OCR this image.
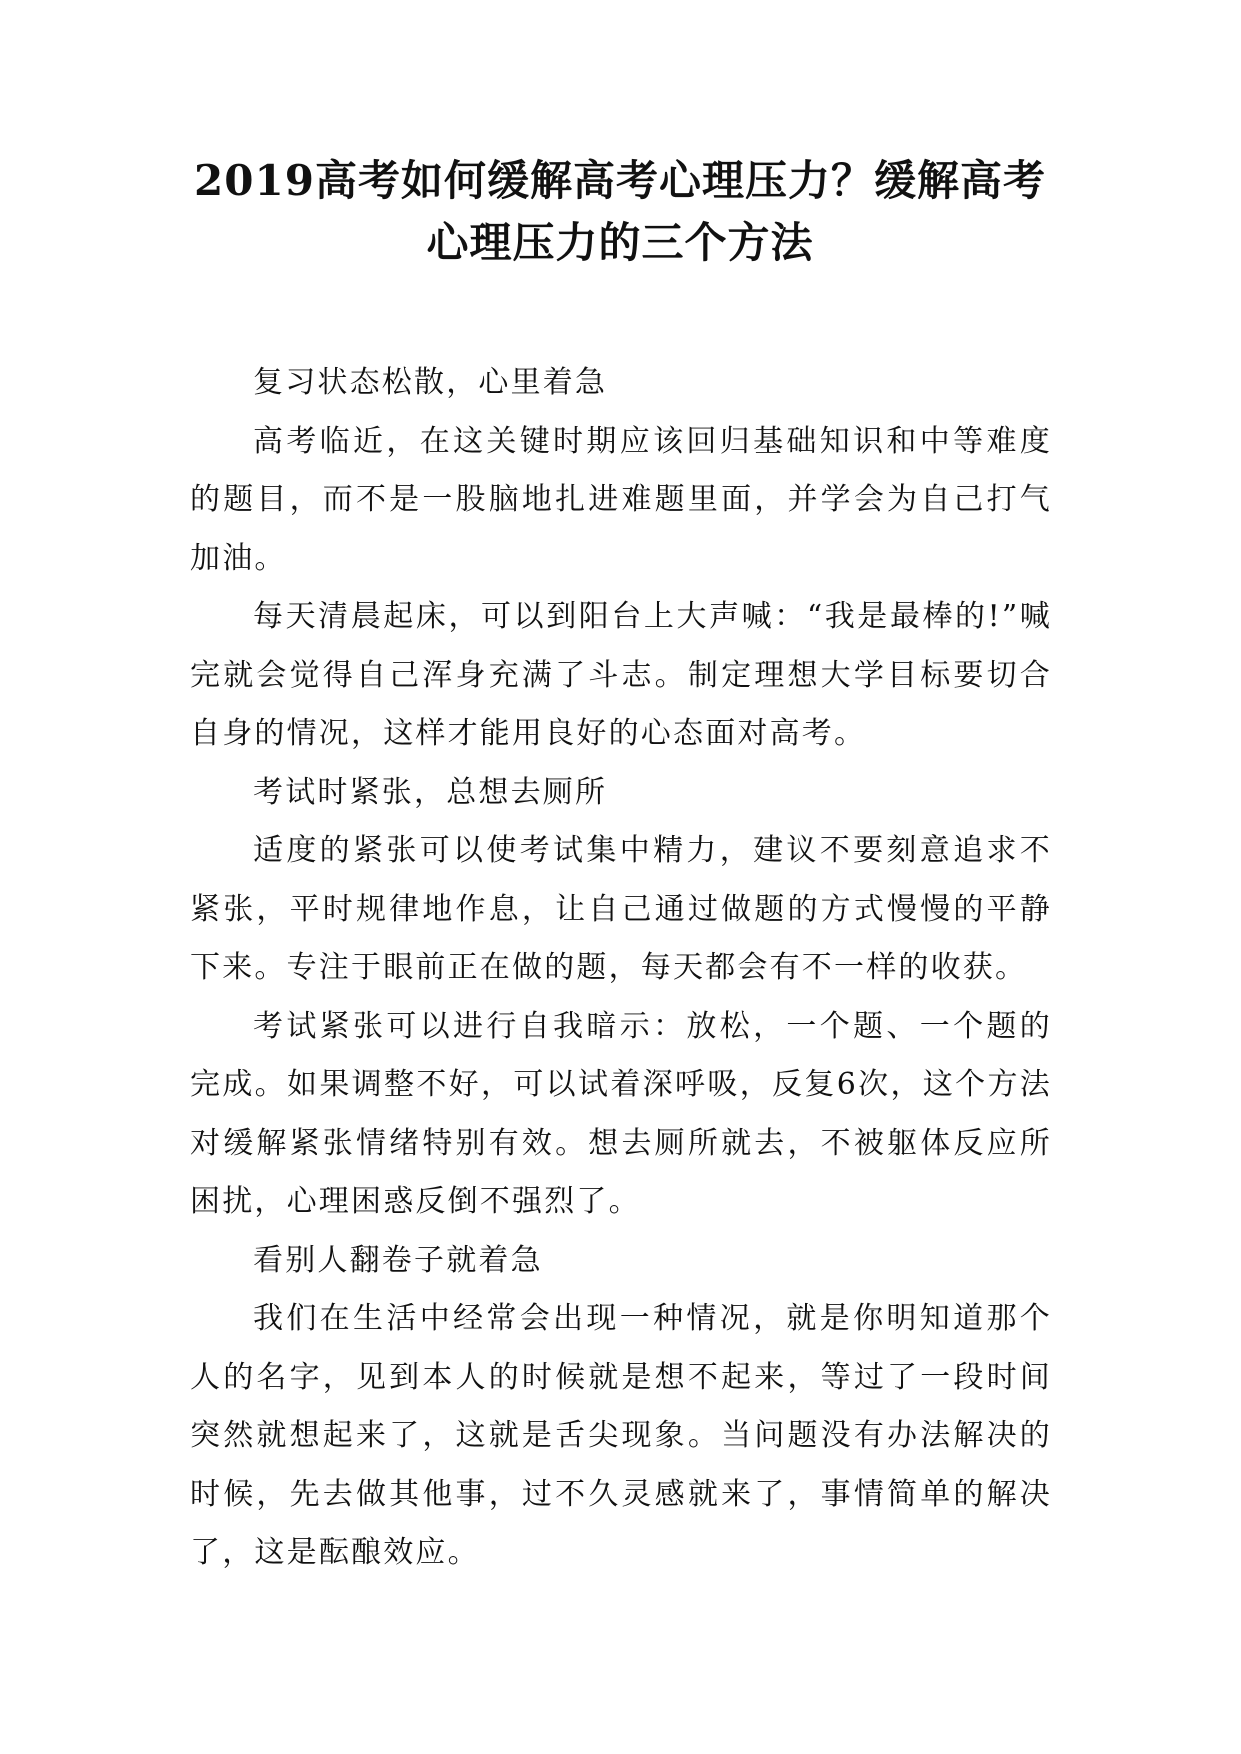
2019高考如何缓解高考心理压力？缓解高考心理压力的三个方法

复习状态松散，心里着急

高考临近，在这关键时期应该回归基础知识和中等难度的题目，而不是一股脑地扎进难题里面，并学会为自己打气加油。

每天清晨起床，可以到阳台上大声喊：“我是最棒的!”喊完就会觉得自己浑身充满了斗志。制定理想大学目标要切合自身的情况，这样才能用良好的心态面对高考。

考试时紧张，总想去厕所

适度的紧张可以使考试集中精力，建议不要刻意追求不紧张，平时规律地作息，让自己通过做题的方式慢慢的平静下来。专注于眼前正在做的题，每天都会有不一样的收获。

考试紧张可以进行自我暗示：放松，一个题、一个题的完成。如果调整不好，可以试着深呼吸，反复6次，这个方法对缓解紧张情绪特别有效。想去厕所就去，不被躯体反应所困扰，心理困惑反倒不强烈了。

看别人翻卷子就着急

我们在生活中经常会出现一种情况，就是你明知道那个人的名字，见到本人的时候就是想不起来，等过了一段时间突然就想起来了，这就是舌尖现象。当问题没有办法解决的时候，先去做其他事，过不久灵感就来了，事情简单的解决了，这是酝酿效应。
